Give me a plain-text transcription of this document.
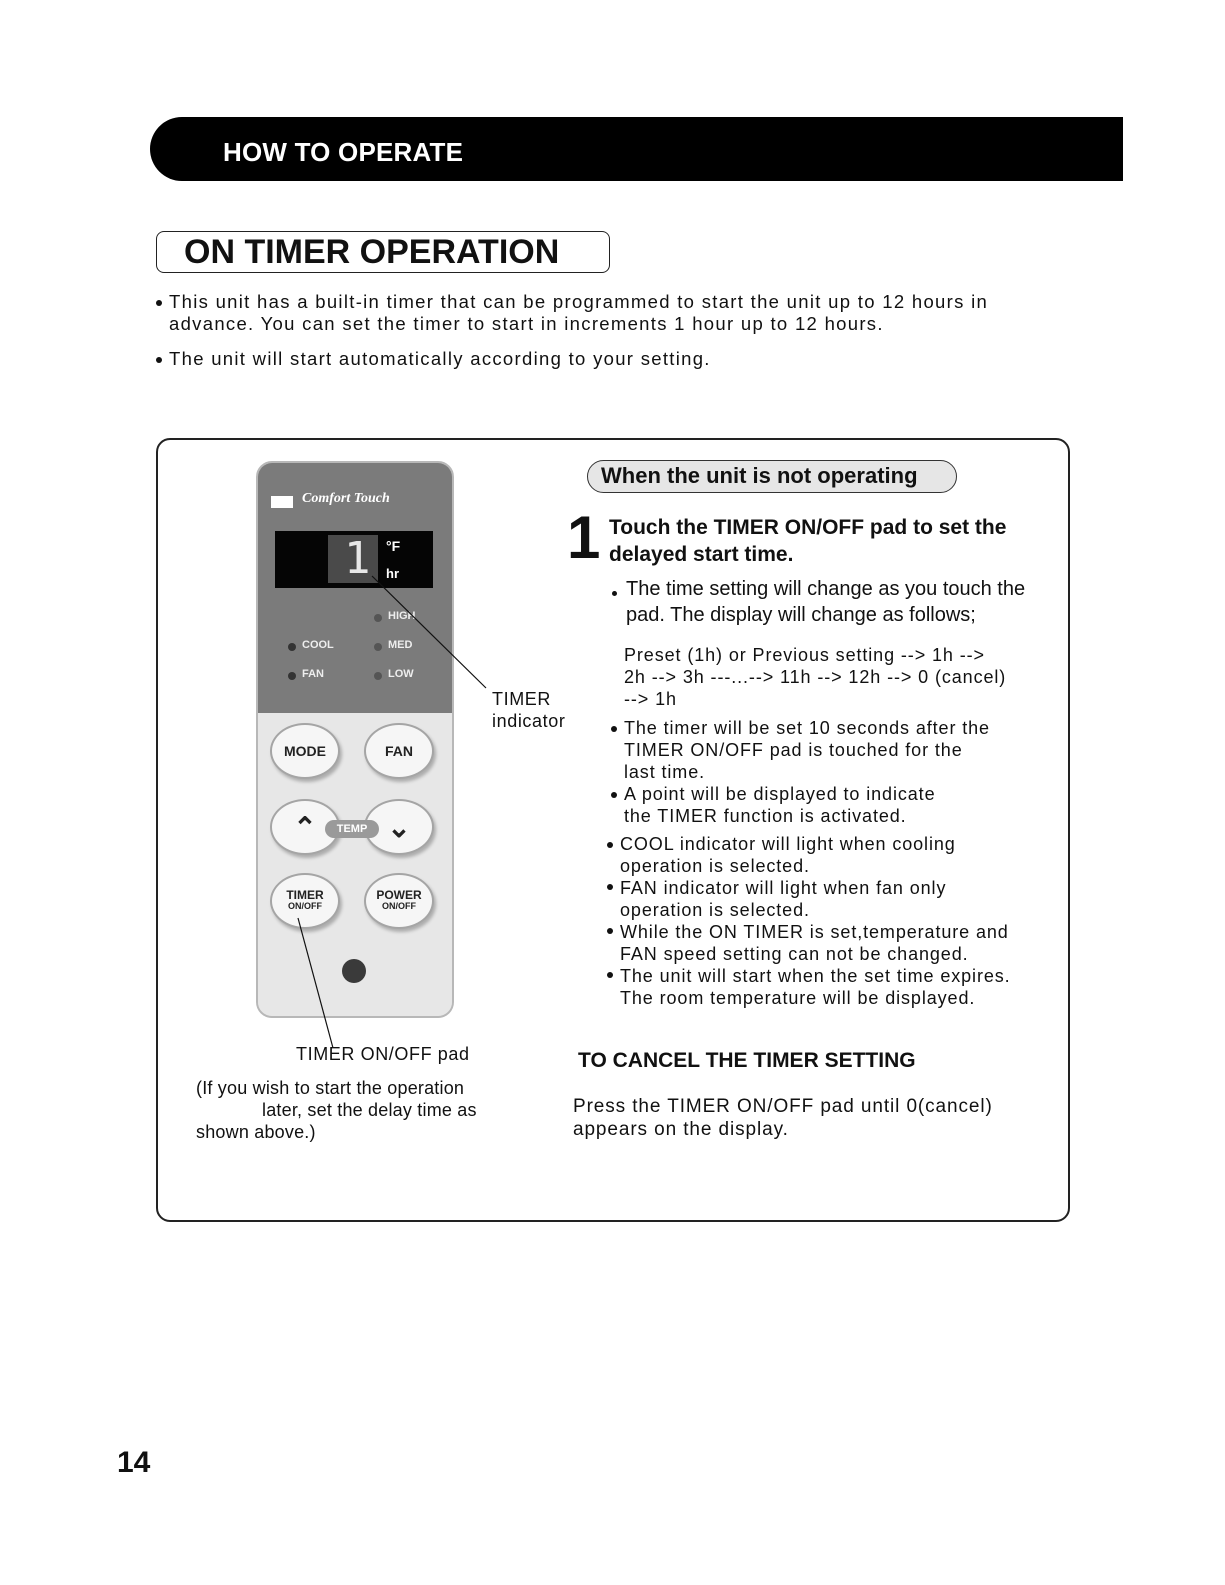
HOW TO OPERATE
ON TIMER OPERATION
This unit has a built-in timer that can be programmed to start the unit up to 12 hours in
advance. You can set the timer to start in increments 1 hour up to 12 hours.
The unit will start automatically according to your setting.
Comfort Touch
1 °F
hr
HIGH
COOL	MED
FAN	LOW
MODE	FAN
⌃	⌄
TEMP
TIMER
ON/OFF
POWER
ON/OFF
TIMER
indicator
TIMER ON/OFF pad
(If you wish to start the operation
later, set the delay time as
shown above.)
When the unit is not operating
1 Touch the TIMER ON/OFF pad to set the
delayed start time.
The time setting will change as you touch the
pad. The display will change as follows;
Preset (1h) or Previous setting --> 1h -->
2h --> 3h ---...--> 11h --> 12h --> 0 (cancel)
--> 1h
The timer will be set 10 seconds after the
TIMER ON/OFF pad is touched for the
last time.
A point will be displayed to indicate
the TIMER function is activated.
COOL indicator will light when cooling
operation is selected.
FAN indicator will light when fan only
operation is selected.
While the ON TIMER is set,temperature and
FAN speed setting can not be changed.
The unit will start when the set time expires.
The room temperature will be displayed.
TO CANCEL THE TIMER SETTING
Press the TIMER ON/OFF pad until 0(cancel)
appears on the display.
14
